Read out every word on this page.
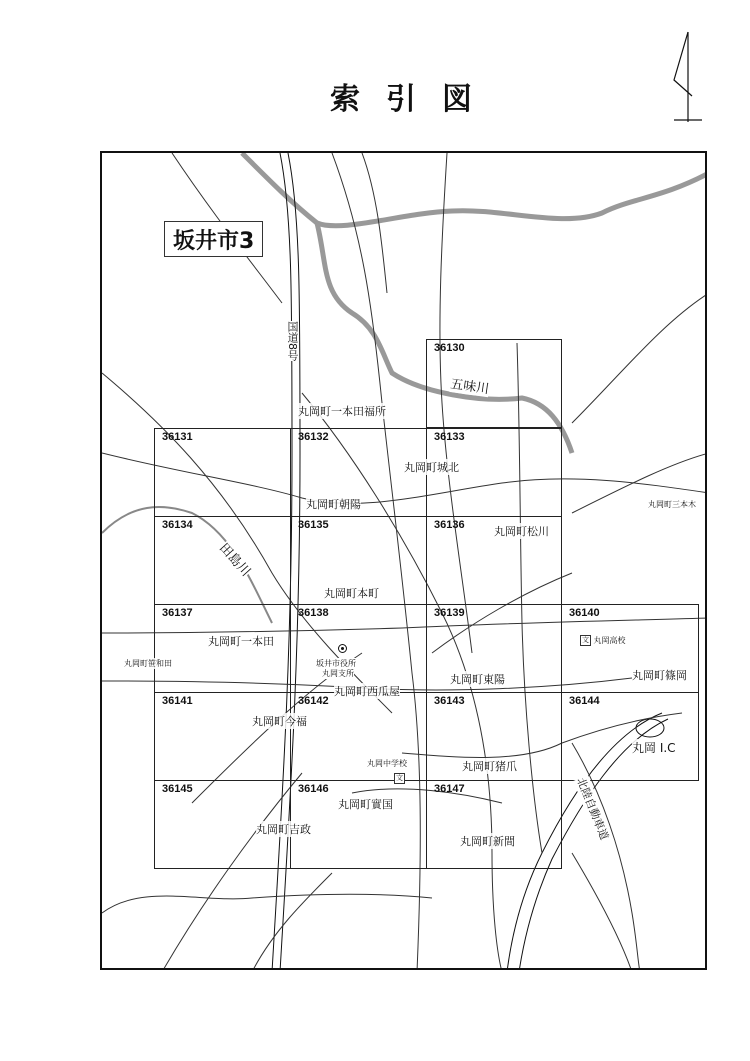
索引図
坂井市3
36130
36131	36132	36133
36134	36135	36136
36137	36138	36139	36140
36141	36142	36143	36144
36145	36146	36147
丸岡町一本田福所
丸岡町城北
丸岡町朝陽	丸岡町三本木
丸岡町松川
丸岡町本町
丸岡町一本田
丸岡町笹和田
丸岡町東陽
丸岡町西瓜屋
丸岡町篠岡
丸岡町今福
丸岡町猪爪
丸岡町實国
丸岡町吉政
丸岡町新間
丸岡 I.C
坂井市役所
丸岡支所
文 丸岡高校
丸岡中学校
文
国道8号
五味川
田島川
北陸自動車道
